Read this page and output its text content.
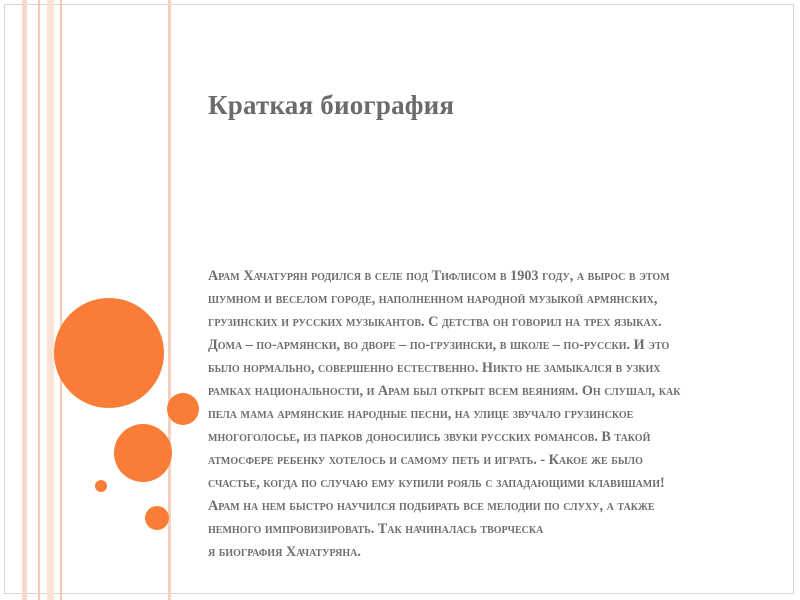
Краткая биография

Арам Хачатурян родился в селе под Тифлисом в 1903 году, а вырос в этом
шумном и веселом городе, наполненном народной музыкой армянских,
грузинских и русских музыкантов. С детства он говорил на трех языках.
Дома – по-армянски, во дворе – по-грузински, в школе – по-русски. И это
было нормально, совершенно естественно. Никто не замыкался в узких
рамках национальности, и Арам был открыт всем веяниям. Он слушал, как
пела мама армянские народные песни, на улице звучало грузинское
многоголосье, из парков доносились звуки русских романсов. В такой
атмосфере ребенку хотелось и самому петь и играть. - Какое же было
счастье, когда по случаю ему купили рояль с западающими клавишами!
Арам на нем быстро научился подбирать все мелодии по слуху, а также
немного импровизировать. Так начиналась творческа
я биография Хачатуряна.
